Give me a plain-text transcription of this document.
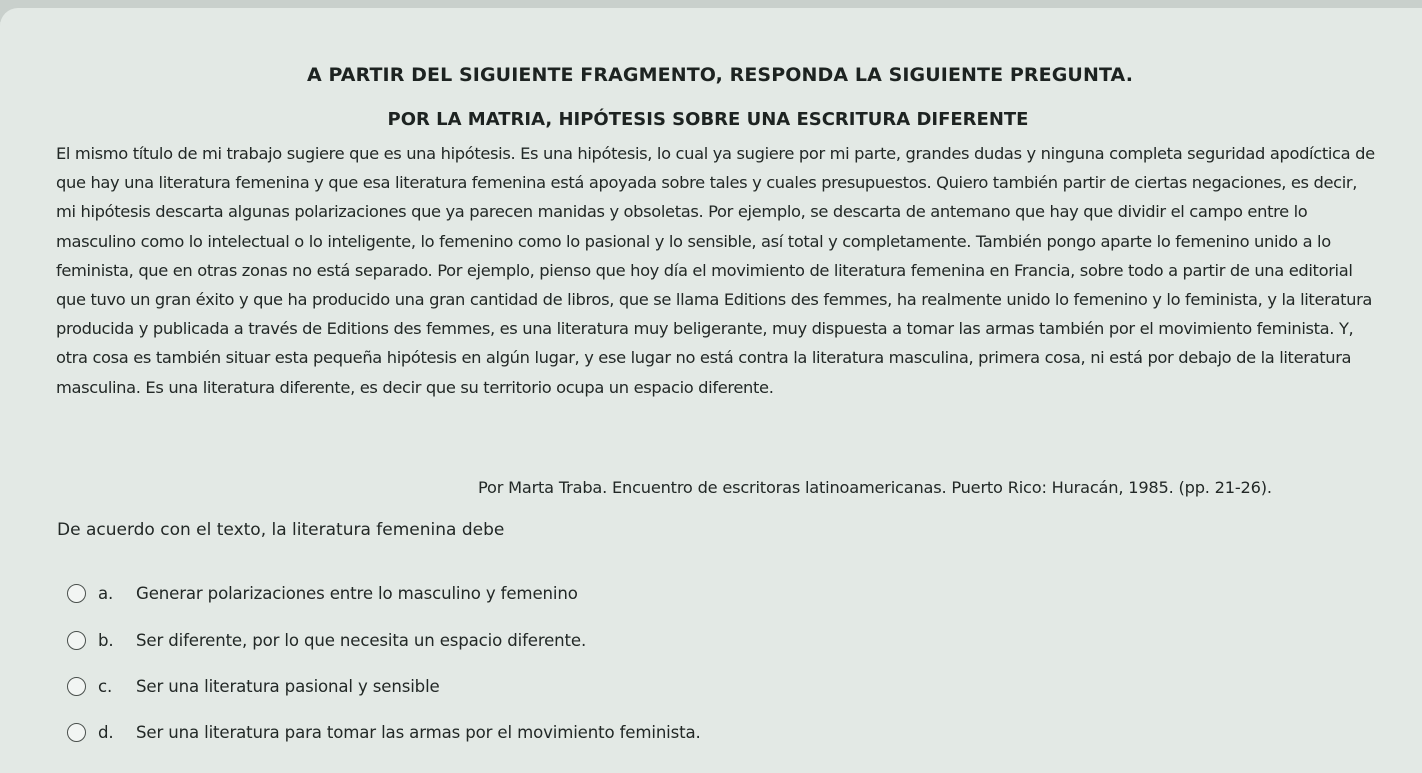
A PARTIR DEL SIGUIENTE FRAGMENTO, RESPONDA LA SIGUIENTE PREGUNTA.
POR LA MATRIA, HIPÓTESIS SOBRE UNA ESCRITURA DIFERENTE

El mismo título de mi trabajo sugiere que es una hipótesis. Es una hipótesis, lo cual ya sugiere por mi parte, grandes dudas y ninguna completa seguridad apodíctica de que hay una literatura femenina y que esa literatura femenina está apoyada sobre tales y cuales presupuestos. Quiero también partir de ciertas negaciones, es decir, mi hipótesis descarta algunas polarizaciones que ya parecen manidas y obsoletas. Por ejemplo, se descarta de antemano que hay que dividir el campo entre lo masculino como lo intelectual o lo inteligente, lo femenino como lo pasional y lo sensible, así total y completamente. También pongo aparte lo femenino unido a lo feminista, que en otras zonas no está separado. Por ejemplo, pienso que hoy día el movimiento de literatura femenina en Francia, sobre todo a partir de una editorial que tuvo un gran éxito y que ha producido una gran cantidad de libros, que se llama Editions des femmes, ha realmente unido lo femenino y lo feminista, y la literatura producida y publicada a través de Editions des femmes, es una literatura muy beligerante, muy dispuesta a tomar las armas también por el movimiento feminista. Y, otra cosa es también situar esta pequeña hipótesis en algún lugar, y ese lugar no está contra la literatura masculina, primera cosa, ni está por debajo de la literatura masculina. Es una literatura diferente, es decir que su territorio ocupa un espacio diferente.

Por Marta Traba. Encuentro de escritoras latinoamericanas. Puerto Rico: Huracán, 1985. (pp. 21-26).

De acuerdo con el texto, la literatura femenina debe

a.	Generar polarizaciones entre lo masculino y femenino
b.	Ser diferente, por lo que necesita un espacio diferente.
c.	Ser una literatura pasional y sensible
d.	Ser una literatura para tomar las armas por el movimiento feminista.
